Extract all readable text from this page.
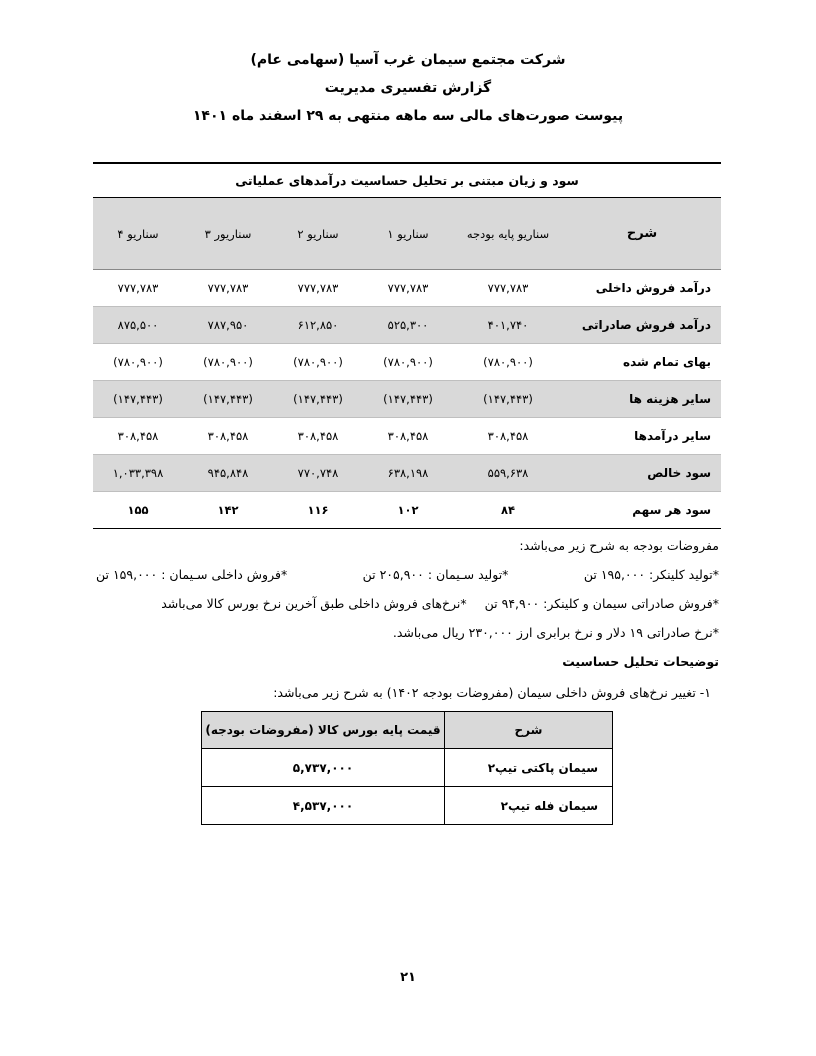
شرکت مجتمع سیمان غرب آسیا (سهامی عام)
گزارش تفسیری مدیریت
پیوست صورت‌های مالی سه ماهه منتهی به ۲۹ اسفند ماه ۱۴۰۱
سود و زیان مبتنی بر تحلیل حساسیت درآمدهای عملیاتی
شرح	سناریو پایه بودجه	سناریو ۱	سناریو ۲	سناریور ۳	سناریو ۴
درآمد فروش داخلی	۷۷۷,۷۸۳	۷۷۷,۷۸۳	۷۷۷,۷۸۳	۷۷۷,۷۸۳	۷۷۷,۷۸۳
درآمد فروش صادراتی	۴۰۱,۷۴۰	۵۲۵,۳۰۰	۶۱۲,۸۵۰	۷۸۷,۹۵۰	۸۷۵,۵۰۰
بهای تمام شده	(۷۸۰,۹۰۰)	(۷۸۰,۹۰۰)	(۷۸۰,۹۰۰)	(۷۸۰,۹۰۰)	(۷۸۰,۹۰۰)
سایر هزینه ها	(۱۴۷,۴۴۳)	(۱۴۷,۴۴۳)	(۱۴۷,۴۴۳)	(۱۴۷,۴۴۳)	(۱۴۷,۴۴۳)
سایر درآمدها	۳۰۸,۴۵۸	۳۰۸,۴۵۸	۳۰۸,۴۵۸	۳۰۸,۴۵۸	۳۰۸,۴۵۸
سود خالص	۵۵۹,۶۳۸	۶۳۸,۱۹۸	۷۷۰,۷۴۸	۹۴۵,۸۴۸	۱,۰۳۳,۳۹۸
سود هر سهم	۸۴	۱۰۲	۱۱۶	۱۴۲	۱۵۵
مفروضات بودجه به شرح زیر می‌باشد:
*تولید کلینکر: ۱۹۵,۰۰۰ تن
*تولید سـیمان : ۲۰۵,۹۰۰ تن
*فروش داخلی سـیمان : ۱۵۹,۰۰۰ تن
*فروش صادراتی سیمان و کلینکر: ۹۴,۹۰۰ تن*نرخ‌های فروش داخلی طبق آخرین نرخ بورس کالا می‌باشد
*نرخ صادراتی ۱۹ دلار و نرخ برابری ارز ۲۳۰,۰۰۰ ریال می‌باشد.
توضیحات تحلیل حساسیت
۱- تغییر نرخ‌های فروش داخلی سیمان (مفروضات بودجه ۱۴۰۲) به شرح زیر می‌باشد:
شرح	قیمت پایه بورس کالا (مفروضات بودجه)
سیمان پاکتی تیپ۲	۵,۷۳۷,۰۰۰
سیمان فله تیپ۲	۴,۵۳۷,۰۰۰
۲۱
